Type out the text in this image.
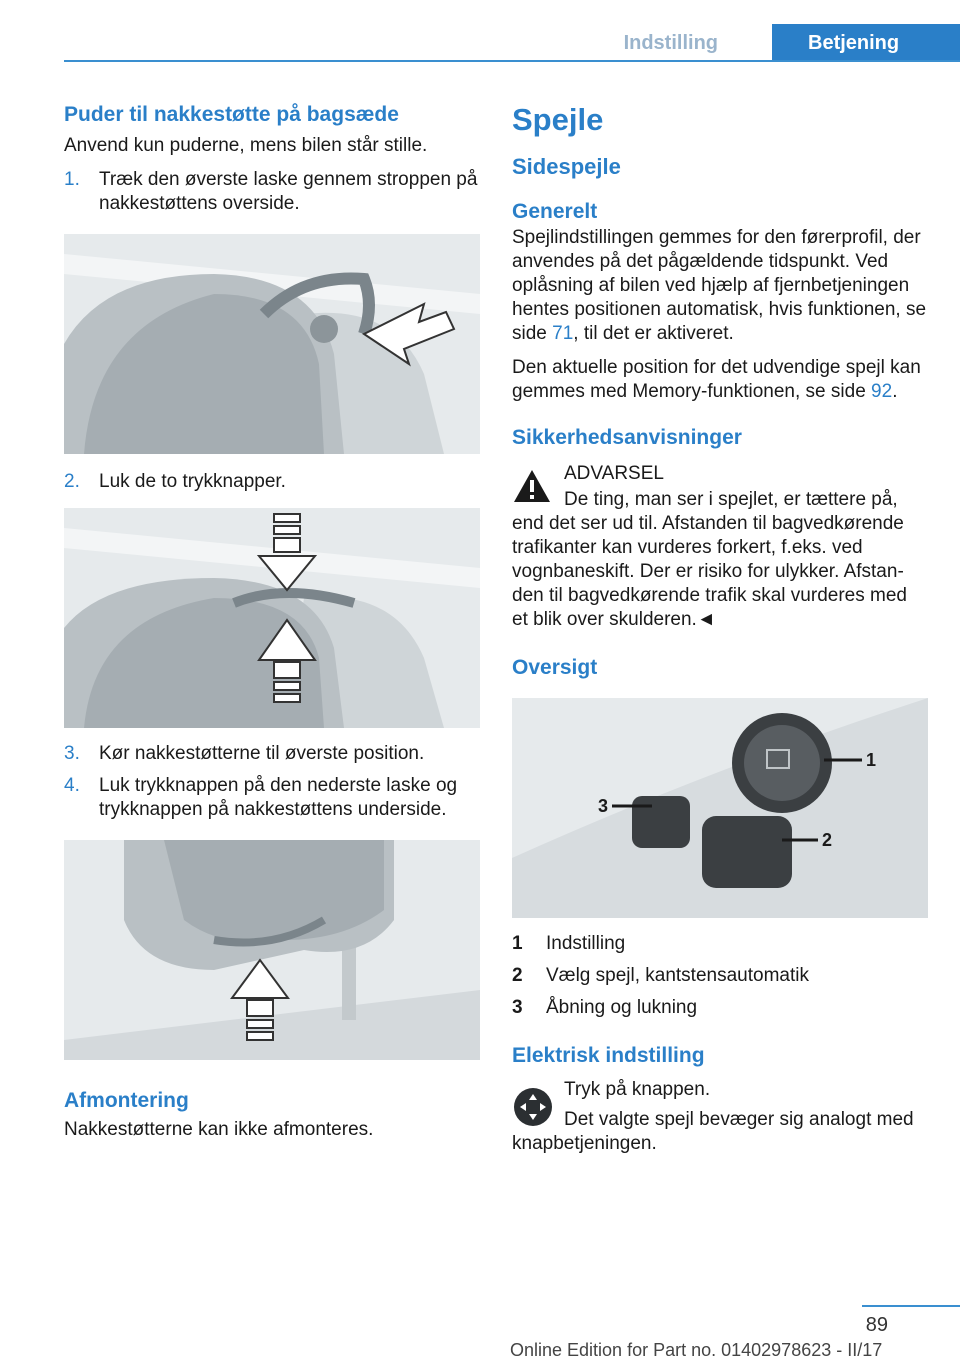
Indstilling	Betjening
Puder til nakkestøtte på bagsæde

Anvend kun puderne, mens bilen står stille.

1. Træk den øverste laske gennem stroppen på nakkestøttens overside.
2. Luk de to trykknapper.
3. Kør nakkestøtterne til øverste position.
4. Luk trykknappen på den nederste laske og trykknappen på nakkestøttens underside.
Afmontering

Nakkestøtterne kan ikke afmonteres.

Spejle
Sidespejle
Generelt

Spejlindstillingen gemmes for den førerprofil, der anvendes på det pågældende tidspunkt. Ved oplåsning af bilen ved hjælp af fjernbetjeningen hentes positionen automatisk, hvis funktionen, se side 71, til det er aktiveret.

Den aktuelle position for det udvendige spejl kan gemmes med Memory-funktionen, se side 92.

Sikkerhedsanvisninger

ADVARSEL

De ting, man ser i spejlet, er tættere på, end det ser ud til. Afstanden til bagvedkørende trafikanter kan vurderes forkert, f.eks. ved vognbaneskift. Der er risiko for ulykker. Afstanden til bagvedkørende trafik skal vurderes med et blik over skulderen.◄

Oversigt
1
2
3
1 Indstilling
2 Vælg spejl, kantstensautomatik
3 Åbning og lukning
Elektrisk indstilling

Tryk på knappen.

Det valgte spejl bevæger sig analogt med knapbetjeningen.

89
Online Edition for Part no. 01402978623 - II/17
